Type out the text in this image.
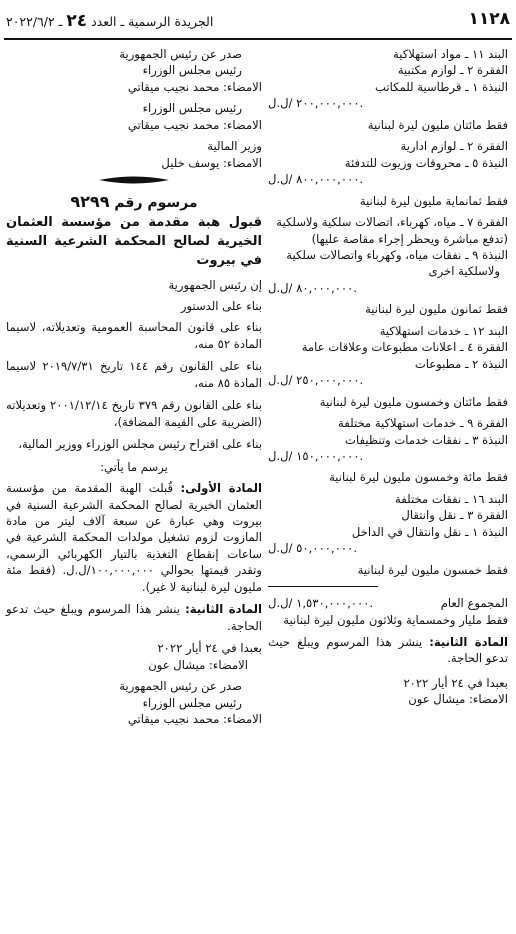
١١٢٨
الجريدة الرسمية ـ العدد ٢٤ ـ ٢٠٢٢/٦/٢
البند ١١ ـ مواد استهلاكية
الفقرة ٢ ـ لوازم مكتبية
النبذة ١ ـ قرطاسية للمكاتب
٢٠٠,٠٠٠,٠٠٠ /ل.ل.
فقط مائتان مليون ليرة لبنانية
الفقرة ٢ ـ لوازم ادارية
النبذة ٥ ـ محروقات وزيوت للتدفئة
٨٠٠,٠٠٠,٠٠٠ /ل.ل.
فقط ثمانماية مليون ليرة لبنانية
الفقرة ٧ ـ مياه، كهرباء، اتصالات سلكية ولاسلكية
(تدفع مباشرة ويحظر إجراء مقاصة عليها)
النبذة ٩ ـ نفقات مياه، وكهرباء واتصالات سلكية
ولاسلكية اخرى
٨٠,٠٠٠,٠٠٠ /ل.ل.
فقط ثمانون مليون ليرة لبنانية
البند ١٢ ـ خدمات استهلاكية
الفقرة ٤ ـ اعلانات مطبوعات وعلاقات عامة
النبذة ٢ ـ مطبوعات
٢٥٠,٠٠٠,٠٠٠ /ل.ل.
فقط مائتان وخمسون مليون ليرة لبنانية
الفقرة ٩ ـ خدمات استهلاكية مختلفة
النبذة ٣ ـ نفقات خدمات وتنظيفات
١٥٠,٠٠٠,٠٠٠ /ل.ل.
فقط مائة وخمسون مليون ليرة لبنانية
البند ١٦ ـ نفقات مختلفة
الفقرة ٣ ـ نقل وانتقال
النبذة ١ ـ نقل وانتقال في الداخل
٥٠,٠٠٠,٠٠٠ /ل.ل.
فقط خمسون مليون ليرة لبنانية
المجموع العام
١,٥٣٠,٠٠٠,٠٠٠ /ل.ل.
فقط مليار وخمسماية وثلاثون مليون ليرة لبنانية
المادة الثانية: ينشر هذا المرسوم ويبلغ حيث تدعو الحاجة.
بعبدا في ٢٤ أيار ٢٠٢٢
الامضاء: ميشال عون
صدر عن رئيس الجمهورية
رئيس مجلس الوزراء
الامضاء: محمد نجيب ميقاتي
رئيس مجلس الوزراء
الامضاء: محمد نجيب ميقاتي
وزير المالية
الامضاء: يوسف خليل
مرسوم رقم ٩٢٩٩
قبول هبة مقدمة من مؤسسة العثمان الخيرية لصالح المحكمة الشرعية السنية في بيروت
إن رئيس الجمهورية
بناء على الدستور
بناء على قانون المحاسبة العمومية وتعديلاته، لاسيما المادة ٥٢ منه،
بناء على القانون رقم ١٤٤ تاريخ ٢٠١٩/٧/٣١ لاسيما المادة ٨٥ منه،
بناء على القانون رقم ٣٧٩ تاريخ ٢٠٠١/١٢/١٤ وتعديلاته (الضريبة على القيمة المضافة)،
بناء على اقتراح رئيس مجلس الوزراء ووزير المالية،
يرسم ما يأتي:
المادة الأولى: قُبلت الهبة المقدمة من مؤسسة العثمان الخيرية لصالح المحكمة الشرعية السنية في بيروت وهي عبارة عن سبعة آلاف ليتر من مادة المازوت لزوم تشغيل مولدات المحكمة الشرعية في ساعات إنقطاع التغذية بالتيار الكهربائي الرسمي، وتقدر قيمتها بحوالي ١٠٠,٠٠٠,٠٠٠/ل.ل. (فقط مئة مليون ليرة لبنانية لا غير).
المادة الثانية: ينشر هذا المرسوم ويبلغ حيث تدعو الحاجة.
بعبدا في ٢٤ أيار ٢٠٢٢
الامضاء: ميشال عون
صدر عن رئيس الجمهورية
رئيس مجلس الوزراء
الامضاء: محمد نجيب ميقاتي
